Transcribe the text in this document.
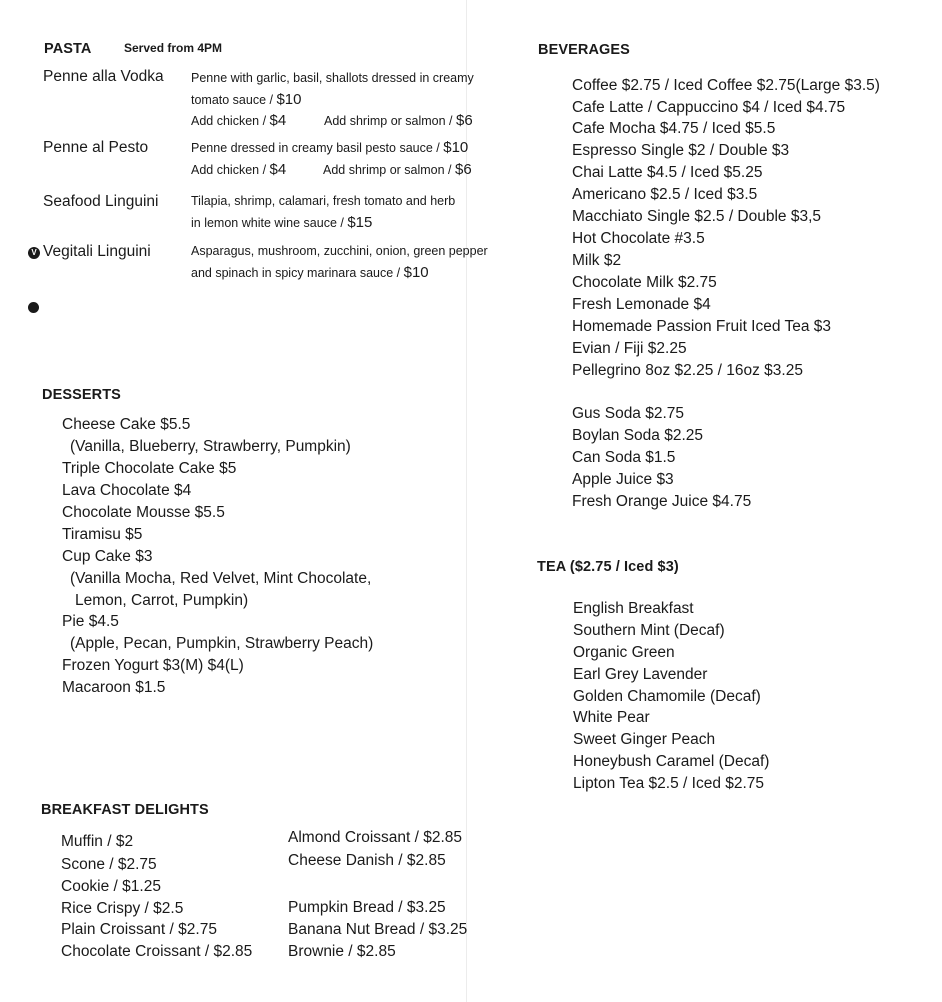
PASTA	Served from 4PM
Penne alla Vodka Penne with garlic, basil, shallots dressed in creamy
tomato sauce / $10
Add chicken / $4	Add shrimp or salmon / $6
Penne al Pesto	Penne dressed in creamy basil pesto sauce / $10
Add chicken / $4	Add shrimp or salmon / $6
Seafood Linguini	Tilapia, shrimp, calamari, fresh tomato and herb
in lemon white wine sauce / $15
V Vegitali Linguini	Asparagus, mushroom, zucchini, onion, green pepper
and spinach in spicy marinara sauce / $10
DESSERTS
Cheese Cake $5.5
(Vanilla, Blueberry, Strawberry, Pumpkin)
Triple Chocolate Cake $5
Lava Chocolate $4
Chocolate Mousse $5.5
Tiramisu $5
Cup Cake $3
(Vanilla Mocha, Red Velvet, Mint Chocolate,
Lemon, Carrot, Pumpkin)
Pie $4.5
(Apple, Pecan, Pumpkin, Strawberry Peach)
Frozen Yogurt $3(M) $4(L)
Macaroon $1.5
BREAKFAST DELIGHTS
Muffin / $2
Scone / $2.75
Cookie / $1.25
Rice Crispy / $2.5
Plain Croissant / $2.75
Chocolate Croissant / $2.85
Almond Croissant / $2.85
Cheese Danish / $2.85
Pumpkin Bread / $3.25
Banana Nut Bread / $3.25
Brownie / $2.85
BEVERAGES
Coffee $2.75 / Iced Coffee $2.75(Large $3.5)
Cafe Latte / Cappuccino $4 / Iced $4.75
Cafe Mocha $4.75 / Iced $5.5
Espresso Single $2 / Double $3
Chai Latte $4.5 / Iced $5.25
Americano $2.5 / Iced $3.5
Macchiato Single $2.5 / Double $3,5
Hot Chocolate #3.5
Milk $2
Chocolate Milk $2.75
Fresh Lemonade $4
Homemade Passion Fruit Iced Tea $3
Evian / Fiji $2.25
Pellegrino 8oz $2.25 / 16oz $3.25
Gus Soda $2.75
Boylan Soda $2.25
Can Soda $1.5
Apple Juice $3
Fresh Orange Juice $4.75
TEA ($2.75 / Iced $3)
English Breakfast
Southern Mint (Decaf)
Organic Green
Earl Grey Lavender
Golden Chamomile (Decaf)
White Pear
Sweet Ginger Peach
Honeybush Caramel (Decaf)
Lipton Tea $2.5 / Iced $2.75
